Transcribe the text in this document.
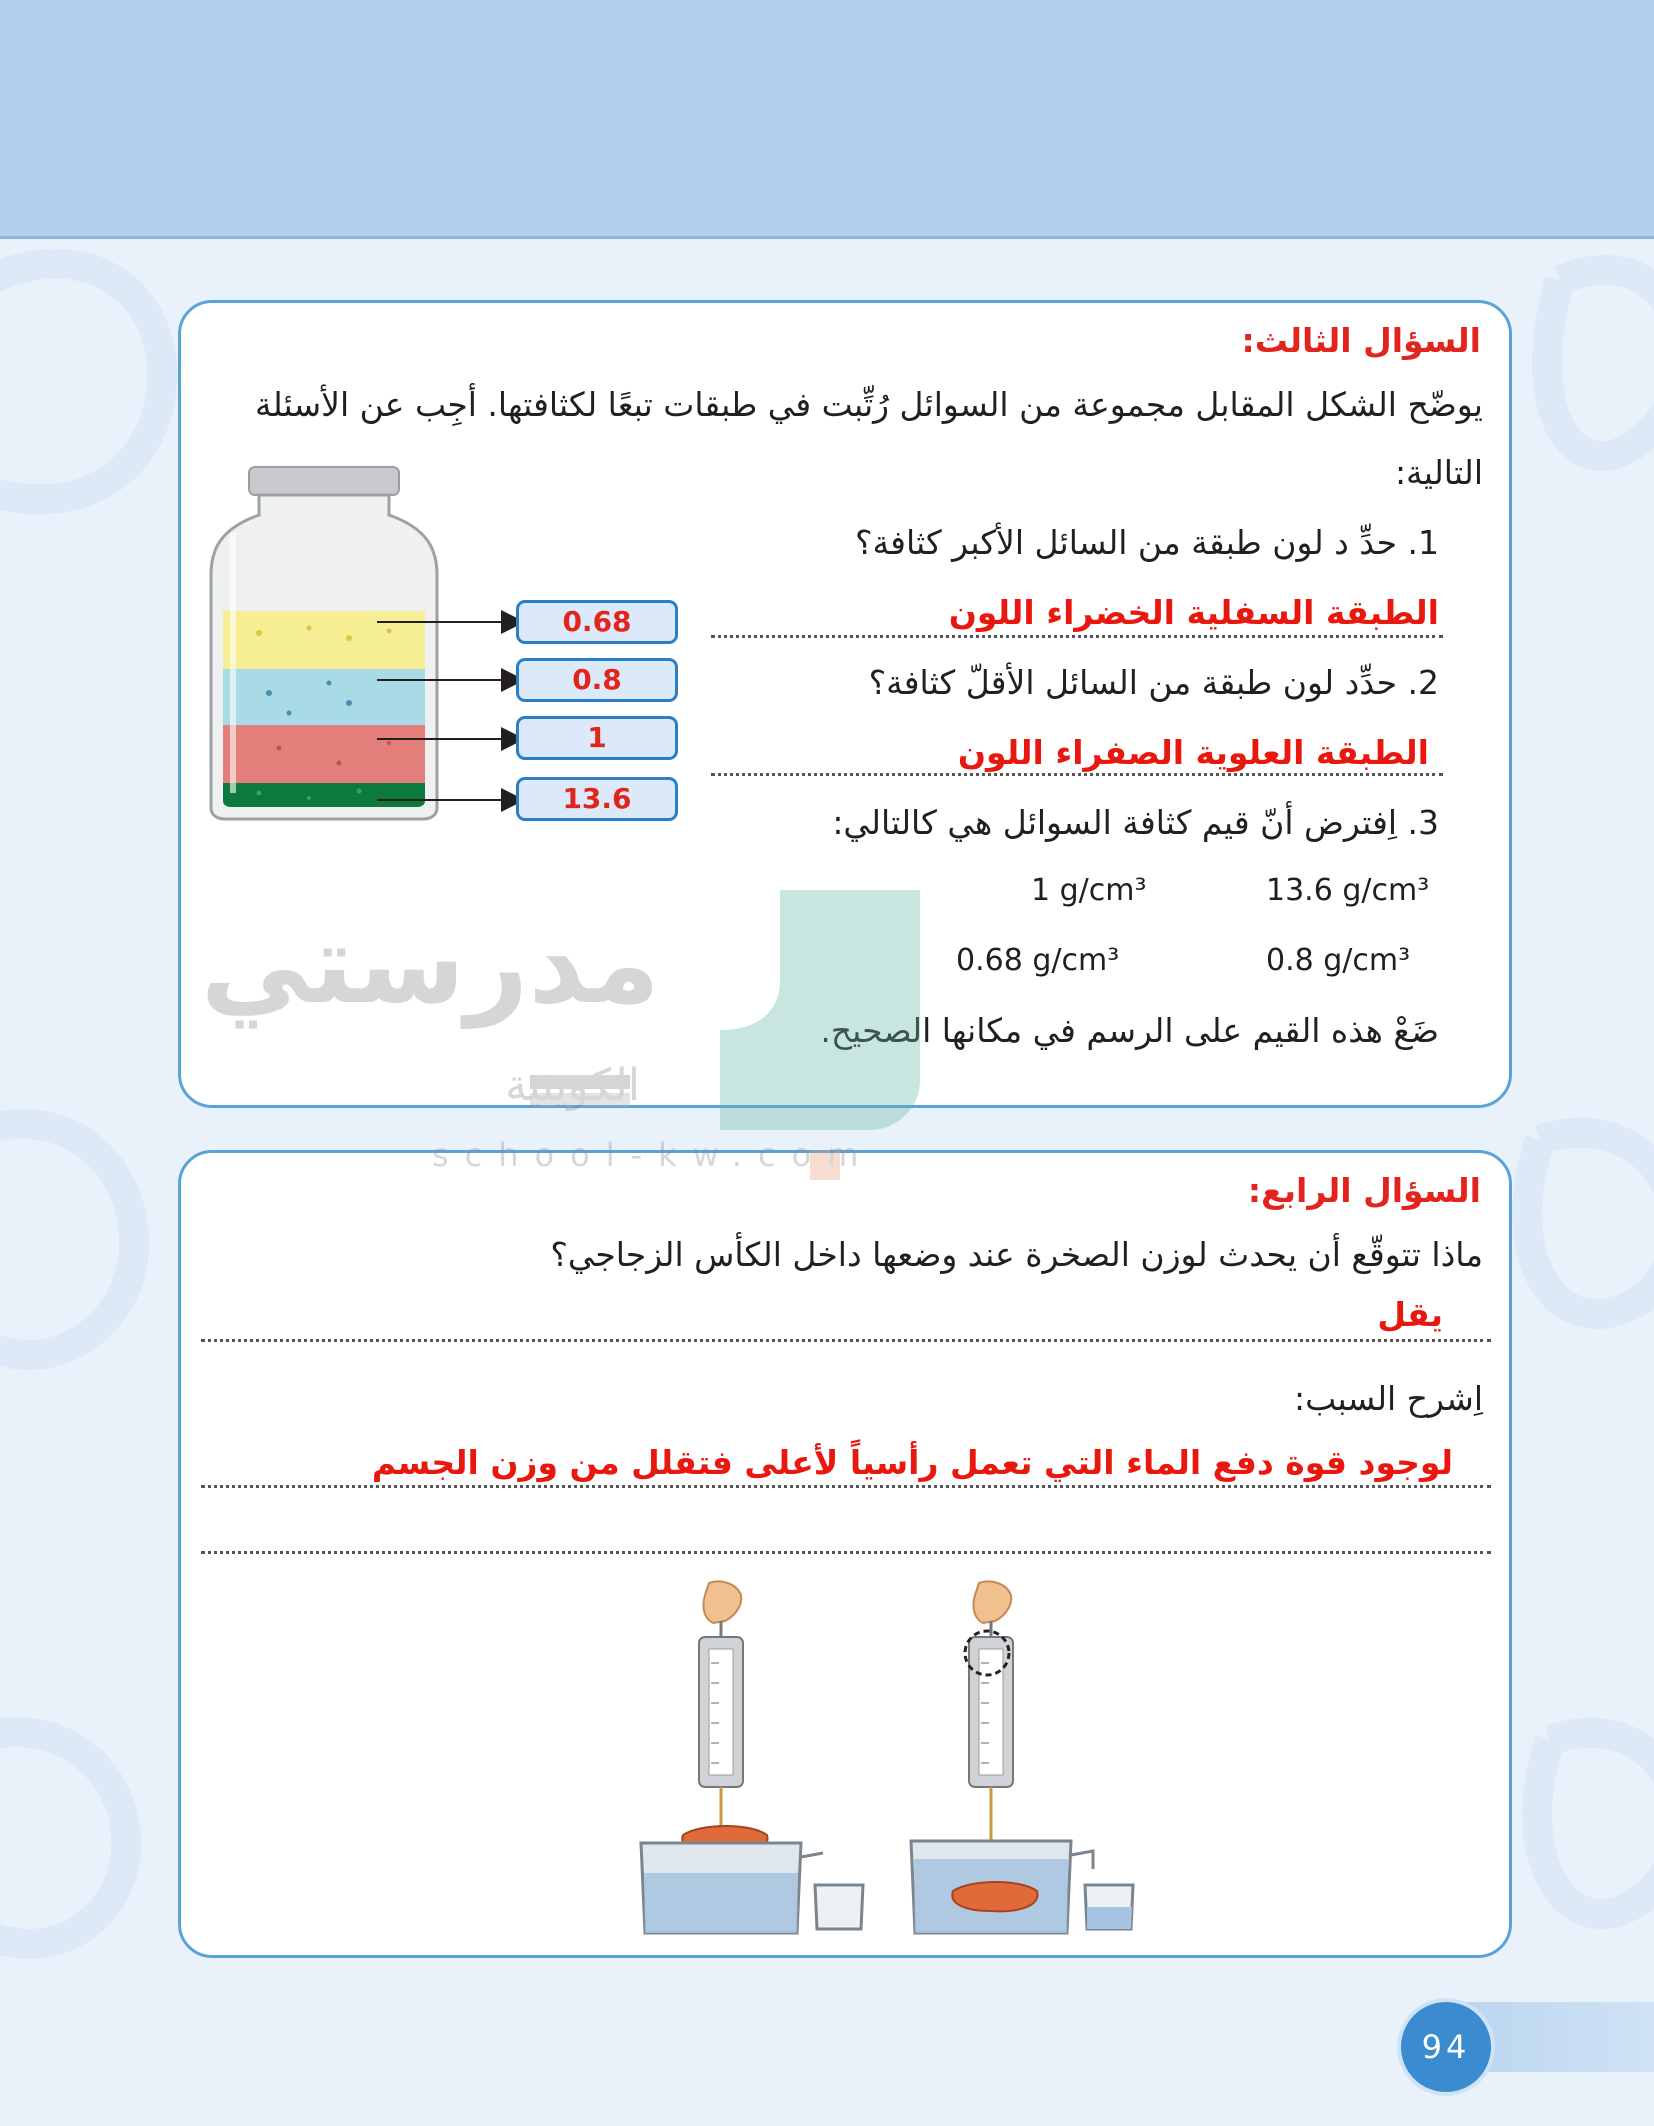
السؤال الثالث:
يوضّح الشكل المقابل مجموعة من السوائل رُتِّبت في طبقات تبعًا لكثافتها. أجِب عن الأسئلة
التالية:
1. حدِّ د لون طبقة من السائل الأكبر كثافة؟
الطبقة السفلية الخضراء اللون
2. حدِّد لون طبقة من السائل الأقلّ كثافة؟
الطبقة العلوية الصفراء اللون
3. اِفترض أنّ قيم كثافة السوائل هي كالتالي:
13.6 g/cm³
1 g/cm³
0.8 g/cm³
0.68 g/cm³
ضَعْ هذه القيم على الرسم في مكانها الصحيح.
0.68
0.8
1
13.6
السؤال الرابع:
ماذا تتوقّع أن يحدث لوزن الصخرة عند وضعها داخل الكأس الزجاجي؟
يقل
اِشرح السبب:
لوجود قوة دفع الماء التي تعمل رأسياً لأعلى فتقلل من وزن الجسم
مدرستي
الكويتية
school-kw.com
94
